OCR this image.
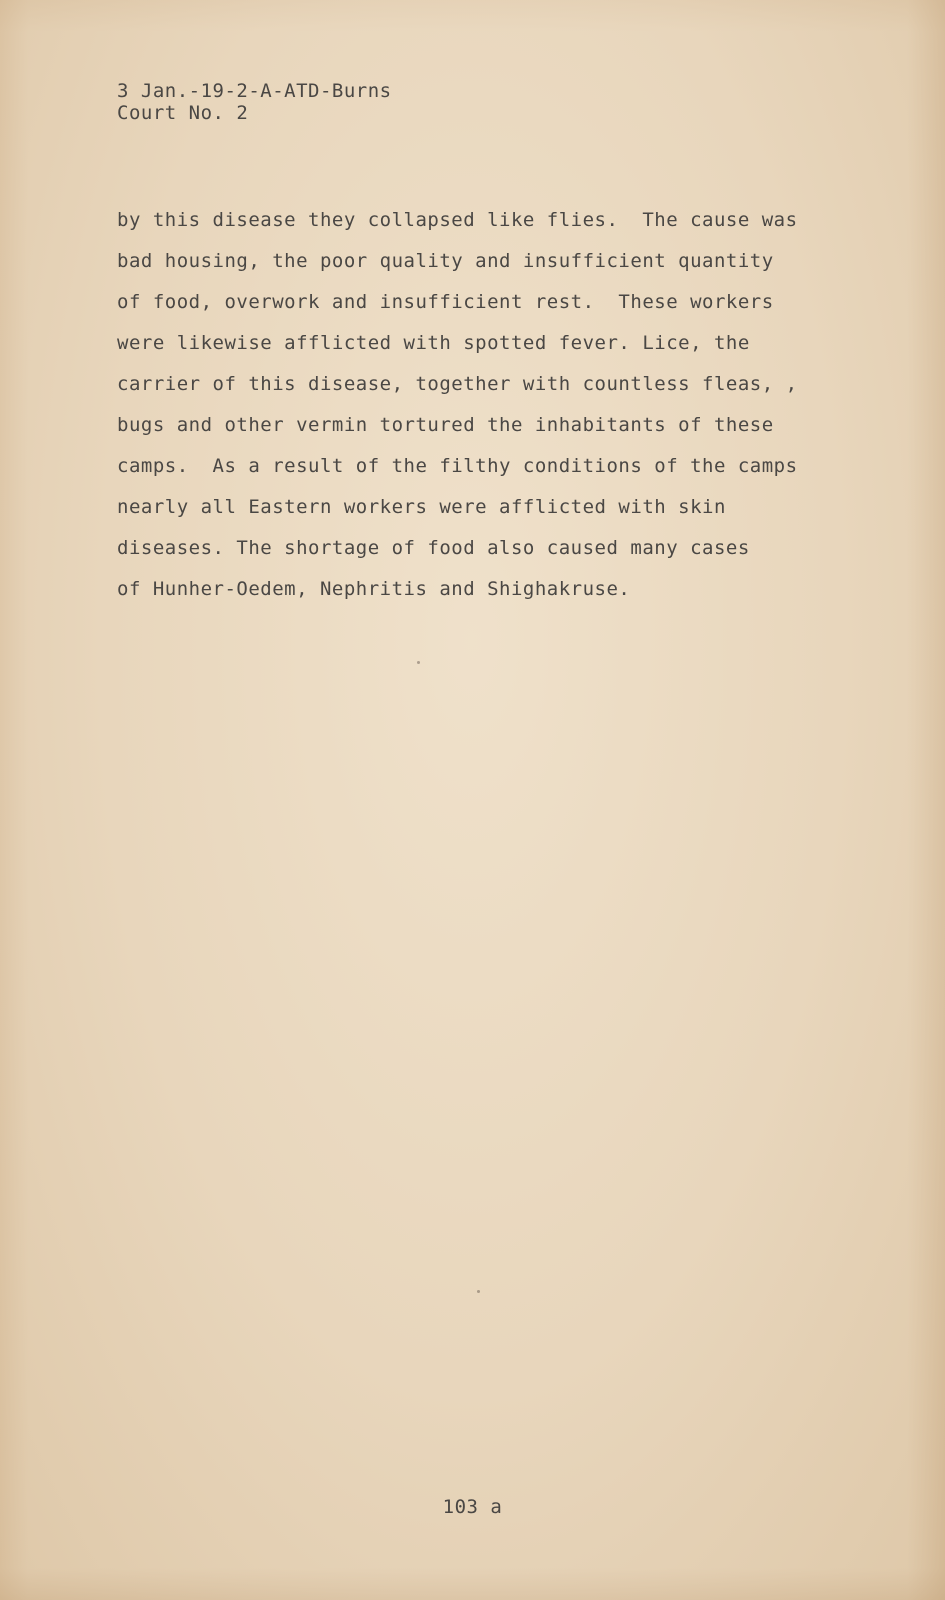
3 Jan.-19-2-A-ATD-Burns
Court No. 2
by this disease they collapsed like flies.  The cause was
bad housing, the poor quality and insufficient quantity
of food, overwork and insufficient rest.  These workers
were likewise afflicted with spotted fever. Lice, the
carrier of this disease, together with countless fleas, ,
bugs and other vermin tortured the inhabitants of these
camps.  As a result of the filthy conditions of the camps
nearly all Eastern workers were afflicted with skin
diseases. The shortage of food also caused many cases
of Hunher-Oedem, Nephritis and Shighakruse.
103 a
